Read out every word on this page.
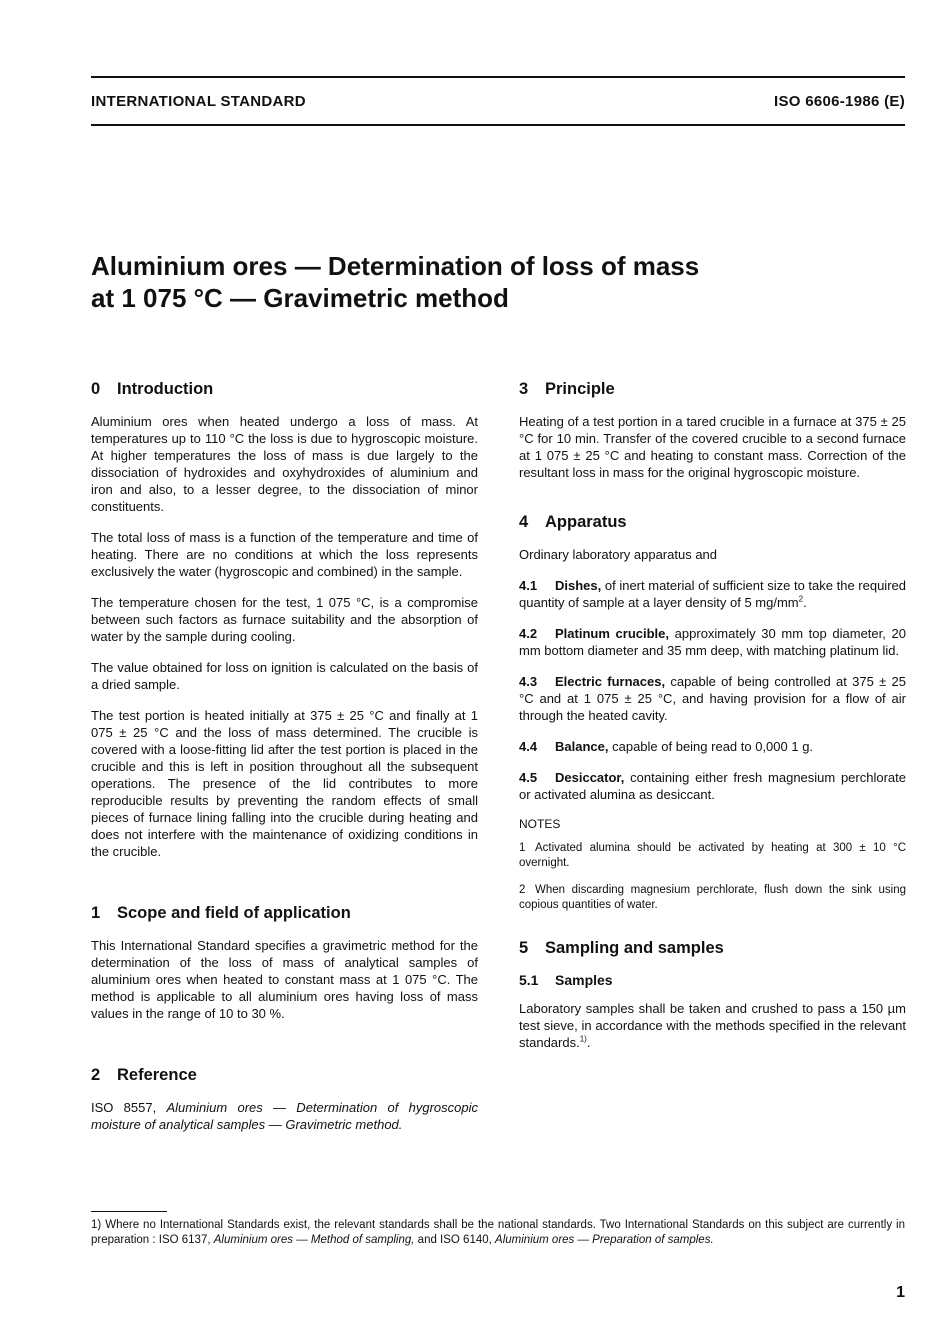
INTERNATIONAL STANDARD	ISO 6606-1986 (E)
Aluminium ores — Determination of loss of mass
at 1 075 °C — Gravimetric method
0 Introduction

Aluminium ores when heated undergo a loss of mass. At temperatures up to 110 °C the loss is due to hygroscopic moisture. At higher temperatures the loss of mass is due largely to the dissociation of hydroxides and oxyhydroxides of aluminium and iron and also, to a lesser degree, to the dissociation of minor constituents.

The total loss of mass is a function of the temperature and time of heating. There are no conditions at which the loss represents exclusively the water (hygroscopic and combined) in the sample.

The temperature chosen for the test, 1 075 °C, is a compromise between such factors as furnace suitability and the absorption of water by the sample during cooling.

The value obtained for loss on ignition is calculated on the basis of a dried sample.

The test portion is heated initially at 375 ± 25 °C and finally at 1 075 ± 25 °C and the loss of mass determined. The crucible is covered with a loose-fitting lid after the test portion is placed in the crucible and this is left in position throughout all the subsequent operations. The presence of the lid contributes to more reproducible results by preventing the random effects of small pieces of furnace lining falling into the crucible during heating and does not interfere with the maintenance of oxidizing conditions in the crucible.

1 Scope and field of application

This International Standard specifies a gravimetric method for the determination of the loss of mass of analytical samples of aluminium ores when heated to constant mass at 1 075 °C. The method is applicable to all aluminium ores having loss of mass values in the range of 10 to 30 %.

2 Reference

ISO 8557, Aluminium ores — Determination of hygroscopic moisture of analytical samples — Gravimetric method.

3 Principle

Heating of a test portion in a tared crucible in a furnace at 375 ± 25 °C for 10 min. Transfer of the covered crucible to a second furnace at 1 075 ± 25 °C and heating to constant mass. Correction of the resultant loss in mass for the original hygroscopic moisture.

4 Apparatus

Ordinary laboratory apparatus and

4.1 Dishes, of inert material of sufficient size to take the required quantity of sample at a layer density of 5 $mg/mm^2$.

4.2 Platinum crucible, approximately 30 mm top diameter, 20 mm bottom diameter and 35 mm deep, with matching platinum lid.

4.3 Electric furnaces, capable of being controlled at 375 ± 25 °C and at 1 075 ± 25 °C, and having provision for a flow of air through the heated cavity.

4.4 Balance, capable of being read to 0,000 1 g.

4.5 Desiccator, containing either fresh magnesium perchlorate or activated alumina as desiccant.

NOTES
1 Activated alumina should be activated by heating at 300 ± 10 °C overnight.
2 When discarding magnesium perchlorate, flush down the sink using copious quantities of water.
5 Sampling and samples
5.1 Samples

Laboratory samples shall be taken and crushed to pass a 150 µm test sieve, in accordance with the methods specified in the relevant standards.$^{1)}$.

1) Where no International Standards exist, the relevant standards shall be the national standards. Two International Standards on this subject are currently in preparation : ISO 6137, Aluminium ores — Method of sampling, and ISO 6140, Aluminium ores — Preparation of samples.

1
